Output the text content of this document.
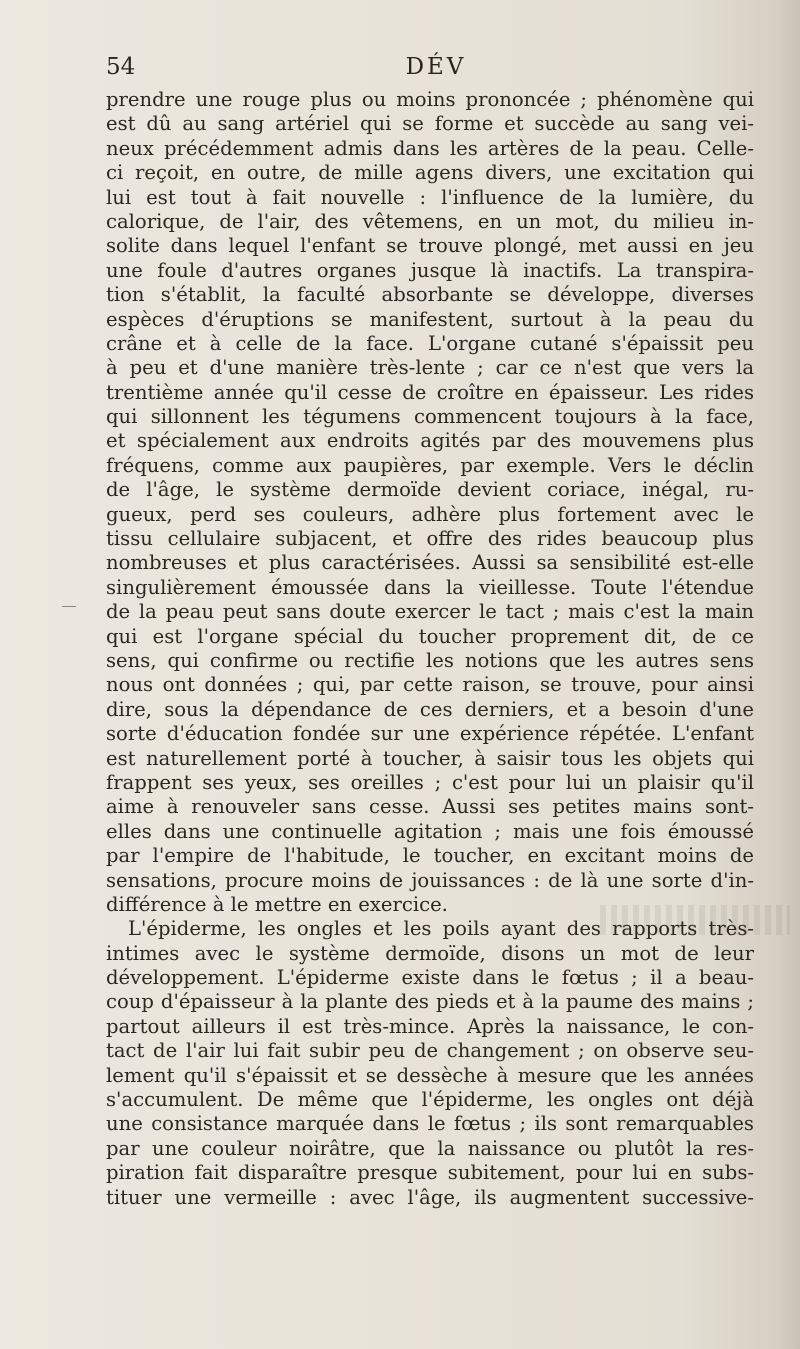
54	DÉV
prendre une rouge plus ou moins prononcée ; phénomène qui
est dû au sang artériel qui se forme et succède au sang vei-
neux précédemment admis dans les artères de la peau. Celle-
ci reçoit, en outre, de mille agens divers, une excitation qui
lui est tout à fait nouvelle : l'influence de la lumière, du
calorique, de l'air, des vêtemens, en un mot, du milieu in-
solite dans lequel l'enfant se trouve plongé, met aussi en jeu
une foule d'autres organes jusque là inactifs. La transpira-
tion s'établit, la faculté absorbante se développe, diverses
espèces d'éruptions se manifestent, surtout à la peau du
crâne et à celle de la face. L'organe cutané s'épaissit peu
à peu et d'une manière très-lente ; car ce n'est que vers la
trentième année qu'il cesse de croître en épaisseur. Les rides
qui sillonnent les tégumens commencent toujours à la face,
et spécialement aux endroits agités par des mouvemens plus
fréquens, comme aux paupières, par exemple. Vers le déclin
de l'âge, le système dermoïde devient coriace, inégal, ru-
gueux, perd ses couleurs, adhère plus fortement avec le
tissu cellulaire subjacent, et offre des rides beaucoup plus
nombreuses et plus caractérisées. Aussi sa sensibilité est-elle
singulièrement émoussée dans la vieillesse. Toute l'étendue
de la peau peut sans doute exercer le tact ; mais c'est la main
qui est l'organe spécial du toucher proprement dit, de ce
sens, qui confirme ou rectifie les notions que les autres sens
nous ont données ; qui, par cette raison, se trouve, pour ainsi
dire, sous la dépendance de ces derniers, et a besoin d'une
sorte d'éducation fondée sur une expérience répétée. L'enfant
est naturellement porté à toucher, à saisir tous les objets qui
frappent ses yeux, ses oreilles ; c'est pour lui un plaisir qu'il
aime à renouveler sans cesse. Aussi ses petites mains sont-
elles dans une continuelle agitation ; mais une fois émoussé
par l'empire de l'habitude, le toucher, en excitant moins de
sensations, procure moins de jouissances : de là une sorte d'in-
différence à le mettre en exercice.
L'épiderme, les ongles et les poils ayant des rapports très-
intimes avec le système dermoïde, disons un mot de leur
développement. L'épiderme existe dans le fœtus ; il a beau-
coup d'épaisseur à la plante des pieds et à la paume des mains ;
partout ailleurs il est très-mince. Après la naissance, le con-
tact de l'air lui fait subir peu de changement ; on observe seu-
lement qu'il s'épaissit et se dessèche à mesure que les années
s'accumulent. De même que l'épiderme, les ongles ont déjà
une consistance marquée dans le fœtus ; ils sont remarquables
par une couleur noirâtre, que la naissance ou plutôt la res-
piration fait disparaître presque subitement, pour lui en subs-
tituer une vermeille : avec l'âge, ils augmentent successive-
